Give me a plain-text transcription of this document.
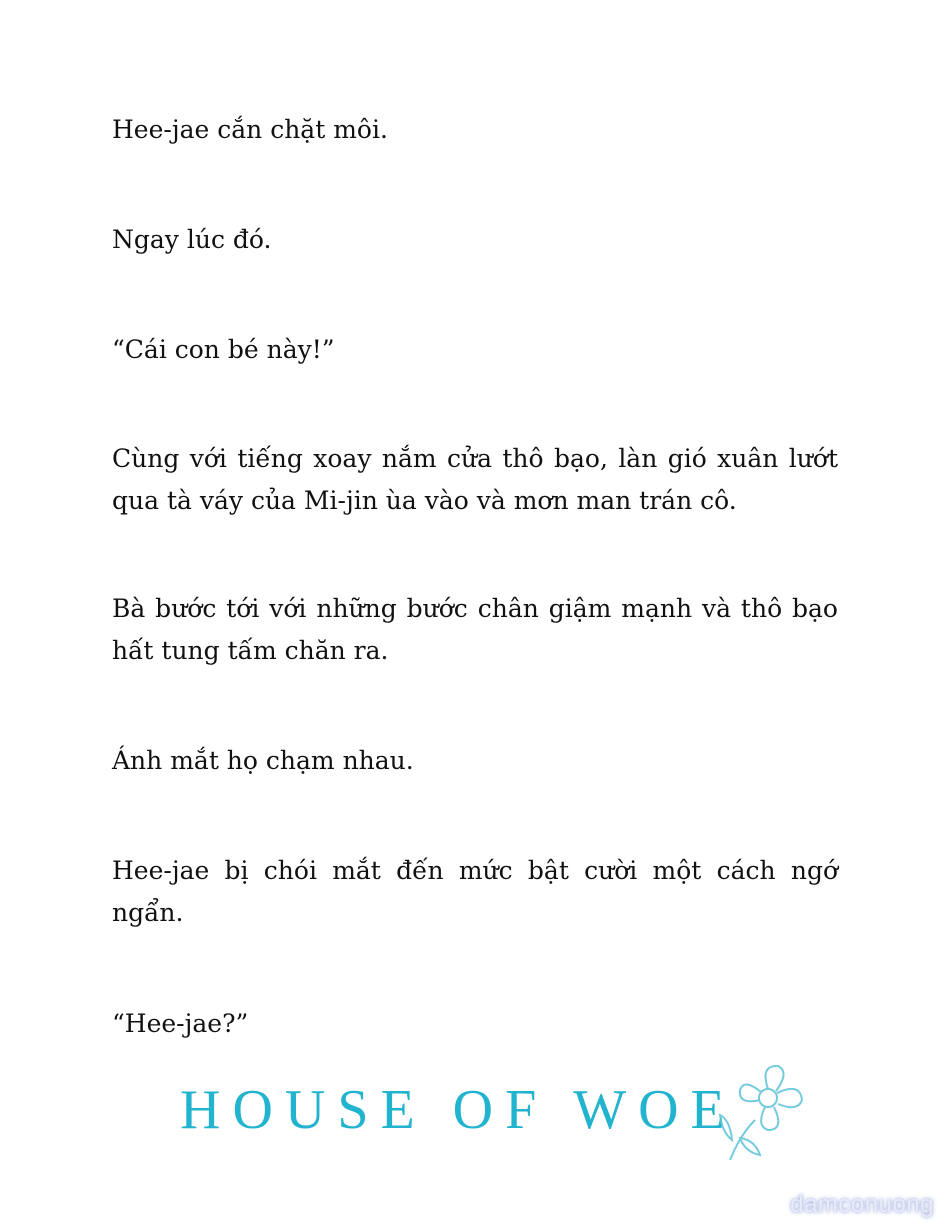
Hee-jae cắn chặt môi.

Ngay lúc đó.

“Cái con bé này!”

Cùng với tiếng xoay nắm cửa thô bạo, làn gió xuân lướt qua tà váy của Mi-jin ùa vào và mơn man trán cô.

Bà bước tới với những bước chân giậm mạnh và thô bạo hất tung tấm chăn ra.

Ánh mắt họ chạm nhau.

Hee-jae bị chói mắt đến mức bật cười một cách ngớ ngẩn.

“Hee-jae?”

HOUSE OF WOE
damconuong
